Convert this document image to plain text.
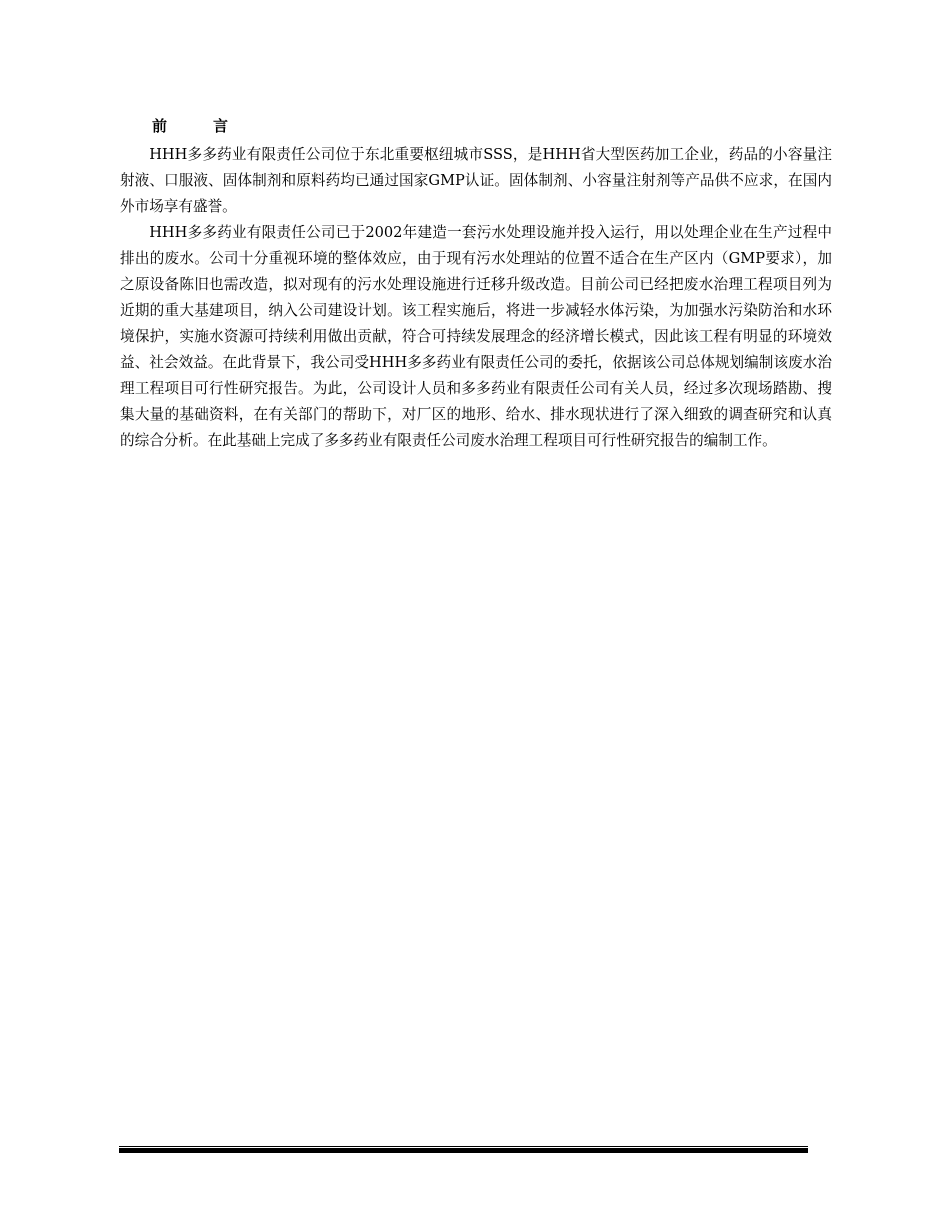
前言

HHH多多药业有限责任公司位于东北重要枢纽城市SSS，是HHH省大型医药加工企业，药品的小容量注射液、口服液、固体制剂和原料药均已通过国家GMP认证。固体制剂、小容量注射剂等产品供不应求，在国内外市场享有盛誉。

HHH多多药业有限责任公司已于2002年建造一套污水处理设施并投入运行，用以处理企业在生产过程中排出的废水。公司十分重视环境的整体效应，由于现有污水处理站的位置不适合在生产区内（GMP要求），加之原设备陈旧也需改造，拟对现有的污水处理设施进行迁移升级改造。目前公司已经把废水治理工程项目列为近期的重大基建项目，纳入公司建设计划。该工程实施后，将进一步减轻水体污染，为加强水污染防治和水环境保护，实施水资源可持续利用做出贡献，符合可持续发展理念的经济增长模式，因此该工程有明显的环境效益、社会效益。在此背景下，我公司受HHH多多药业有限责任公司的委托，依据该公司总体规划编制该废水治理工程项目可行性研究报告。为此，公司设计人员和多多药业有限责任公司有关人员，经过多次现场踏勘、搜集大量的基础资料，在有关部门的帮助下，对厂区的地形、给水、排水现状进行了深入细致的调查研究和认真的综合分析。在此基础上完成了多多药业有限责任公司废水治理工程项目可行性研究报告的编制工作。
